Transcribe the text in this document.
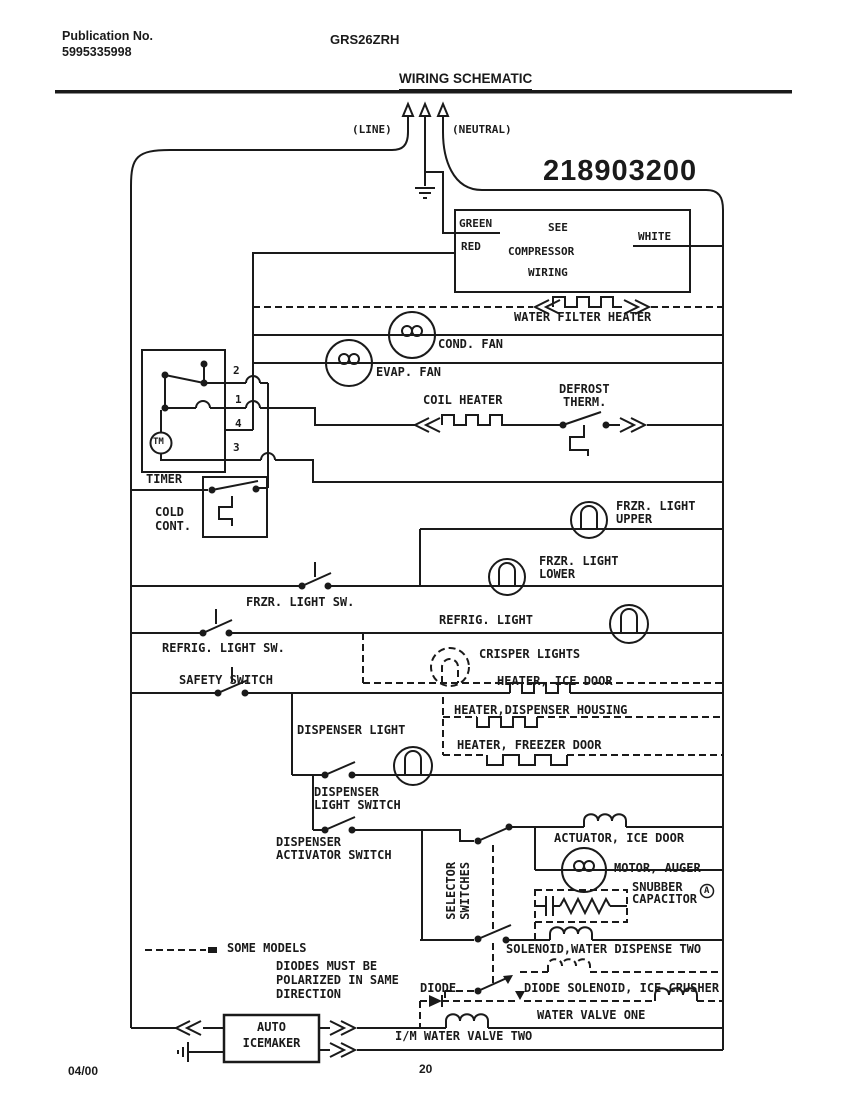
Publication No.
5995335998
GRS26ZRH
WIRING SCHEMATIC
218903200
(LINE)	(NEUTRAL)
GREEN
RED
WHITE
SEE
COMPRESSOR
WIRING
WATER FILTER HEATER
COND. FAN
EVAP. FAN
COIL HEATER
DEFROST
THERM.
2
1
4
3
TM
TIMER
COLD
CONT.
FRZR. LIGHT
UPPER
FRZR. LIGHT
LOWER
FRZR. LIGHT SW.
REFRIG. LIGHT
REFRIG. LIGHT SW.	CRISPER LIGHTS
SAFETY SWITCH	HEATER, ICE DOOR
HEATER,DISPENSER HOUSING
HEATER, FREEZER DOOR
DISPENSER LIGHT
DISPENSER
LIGHT SWITCH
DISPENSER
ACTIVATOR SWITCH
SELECTOR SWITCHES
ACTUATOR, ICE DOOR
MOTOR, AUGER
SNUBBER
CAPACITOR
A
SOLENOID,WATER DISPENSE TWO
DIODE	DIODE SOLENOID, ICE CRUSHER
WATER VALVE ONE
I/M WATER VALVE TWO
AUTO
ICEMAKER
SOME MODELS
DIODES MUST BE
POLARIZED IN SAME
DIRECTION
04/00	20
